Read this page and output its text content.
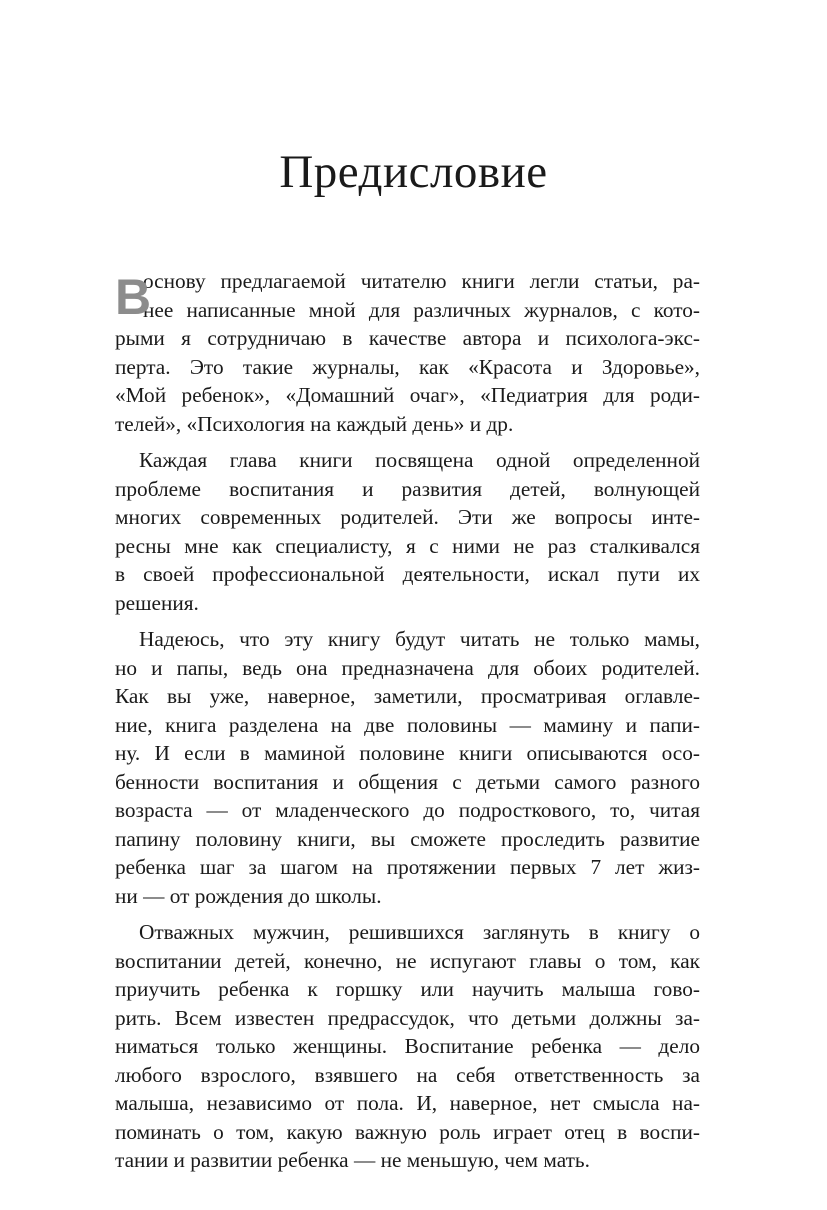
Предисловие
В
основу предлагаемой читателю книги легли статьи, ра-
нее написанные мной для различных журналов, с кото-
рыми я сотрудничаю в качестве автора и психолога-экс-
перта. Это такие журналы, как «Красота и Здоровье»,
«Мой ребенок», «Домашний очаг», «Педиатрия для роди-
телей», «Психология на каждый день» и др.
Каждая глава книги посвящена одной определенной
проблеме воспитания и развития детей, волнующей
многих современных родителей. Эти же вопросы инте-
ресны мне как специалисту, я с ними не раз сталкивался
в своей профессиональной деятельности, искал пути их
решения.
Надеюсь, что эту книгу будут читать не только мамы,
но и папы, ведь она предназначена для обоих родителей.
Как вы уже, наверное, заметили, просматривая оглавле-
ние, книга разделена на две половины — мамину и папи-
ну. И если в маминой половине книги описываются осо-
бенности воспитания и общения с детьми самого разного
возраста — от младенческого до подросткового, то, читая
папину половину книги, вы сможете проследить развитие
ребенка шаг за шагом на протяжении первых 7 лет жиз-
ни — от рождения до школы.
Отважных мужчин, решившихся заглянуть в книгу о
воспитании детей, конечно, не испугают главы о том, как
приучить ребенка к горшку или научить малыша гово-
рить. Всем известен предрассудок, что детьми должны за-
ниматься только женщины. Воспитание ребенка — дело
любого взрослого, взявшего на себя ответственность за
малыша, независимо от пола. И, наверное, нет смысла на-
поминать о том, какую важную роль играет отец в воспи-
тании и развитии ребенка — не меньшую, чем мать.
